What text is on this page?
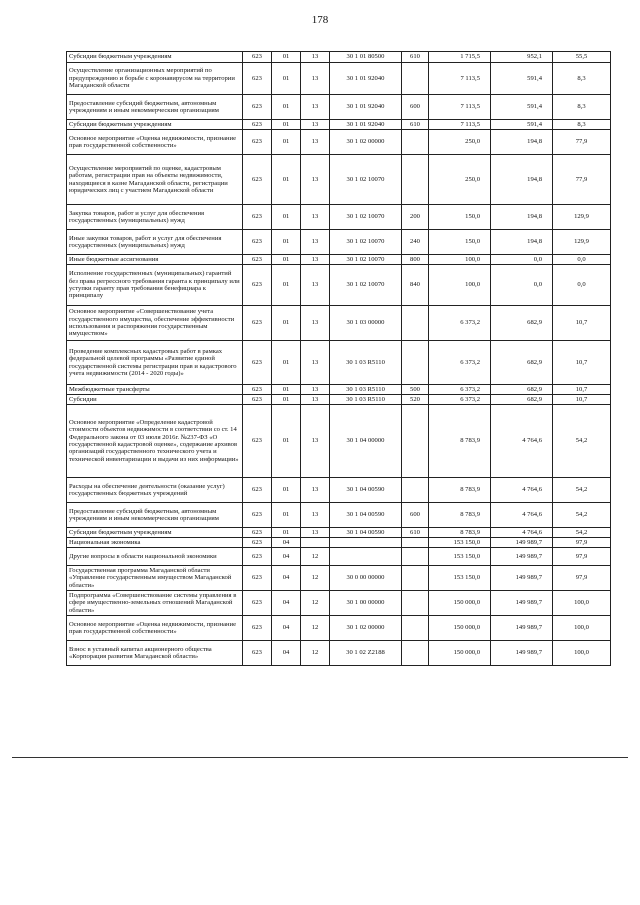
178
Субсидии бюджетным учреждениям	623	01	13	30 1 01 80500	610	1 715,5	952,1	55,5
Осуществление организационных мероприятий по предупреждению и борьбе с коронавирусом на территории Магаданской области	623	01	13	30 1 01 92040		7 113,5	591,4	8,3
Предоставление субсидий бюджетным, автономным учреждениям и иным некоммерческим организациям	623	01	13	30 1 01 92040	600	7 113,5	591,4	8,3
Субсидии бюджетным учреждениям	623	01	13	30 1 01 92040	610	7 113,5	591,4	8,3
Основное мероприятие «Оценка недвижимости, признание прав государственной собственности»	623	01	13	30 1 02 00000		250,0	194,8	77,9
Осуществление мероприятий по оценке, кадастровым работам, регистрации прав на объекты недвижимости, находящиеся в казне Магаданской области, регистрации юридических лиц с участием Магаданской области	623	01	13	30 1 02 10070		250,0	194,8	77,9
Закупка товаров, работ и услуг для обеспечения государственных (муниципальных) нужд	623	01	13	30 1 02 10070	200	150,0	194,8	129,9
Иные закупки товаров, работ и услуг для обеспечения государственных (муниципальных) нужд	623	01	13	30 1 02 10070	240	150,0	194,8	129,9
Иные бюджетные ассигнования	623	01	13	30 1 02 10070	800	100,0	0,0	0,0
Исполнение государственных (муниципальных) гарантий без права регрессного требования гаранта к принципалу или уступки гаранту прав требования бенефициара к принципалу	623	01	13	30 1 02 10070	840	100,0	0,0	0,0
Основное мероприятие «Совершенствование учета государственного имущества, обеспечение эффективности использования и распоряжения государственным имуществом»	623	01	13	30 1 03 00000		6 373,2	682,9	10,7
Проведение комплексных кадастровых работ в рамках федеральной целевой программы «Развитие единой государственной системы регистрации прав и кадастрового учета недвижимости (2014 - 2020 годы)»	623	01	13	30 1 03 R5110		6 373,2	682,9	10,7
Межбюджетные трансферты	623	01	13	30 1 03 R5110	500	6 373,2	682,9	10,7
Субсидии	623	01	13	30 1 03 R5110	520	6 373,2	682,9	10,7
Основное мероприятие «Определение кадастровой стоимости объектов недвижимости в соответствии со ст. 14 Федерального закона от 03 июля 2016г. №237-ФЗ «О государственной кадастровой оценке», содержание архивов организаций государственного технического учета и технической инвентаризации и выдачи из них информации»	623	01	13	30 1 04 00000		8 783,9	4 764,6	54,2
Расходы на обеспечение деятельности (оказание услуг) государственных бюджетных учреждений	623	01	13	30 1 04 00590		8 783,9	4 764,6	54,2
Предоставление субсидий бюджетным, автономным учреждениям и иным некоммерческим организациям	623	01	13	30 1 04 00590	600	8 783,9	4 764,6	54,2
Субсидии бюджетным учреждениям	623	01	13	30 1 04 00590	610	8 783,9	4 764,6	54,2
Национальная экономика	623	04				153 150,0	149 989,7	97,9
Другие вопросы в области национальной экономики	623	04	12			153 150,0	149 989,7	97,9
Государственная программа Магаданской области «Управление государственным имуществом Магаданской области»	623	04	12	30 0 00 00000		153 150,0	149 989,7	97,9
Подпрограмма «Совершенствование системы управления в сфере имущественно-земельных отношений Магаданской области»	623	04	12	30 1 00 00000		150 000,0	149 989,7	100,0
Основное мероприятие «Оценка недвижимости, признание прав государственной собственности»	623	04	12	30 1 02 00000		150 000,0	149 989,7	100,0
Взнос в уставный капитал акционерного общества «Корпорация развития Магаданской области»	623	04	12	30 1 02 Z2188		150 000,0	149 989,7	100,0
